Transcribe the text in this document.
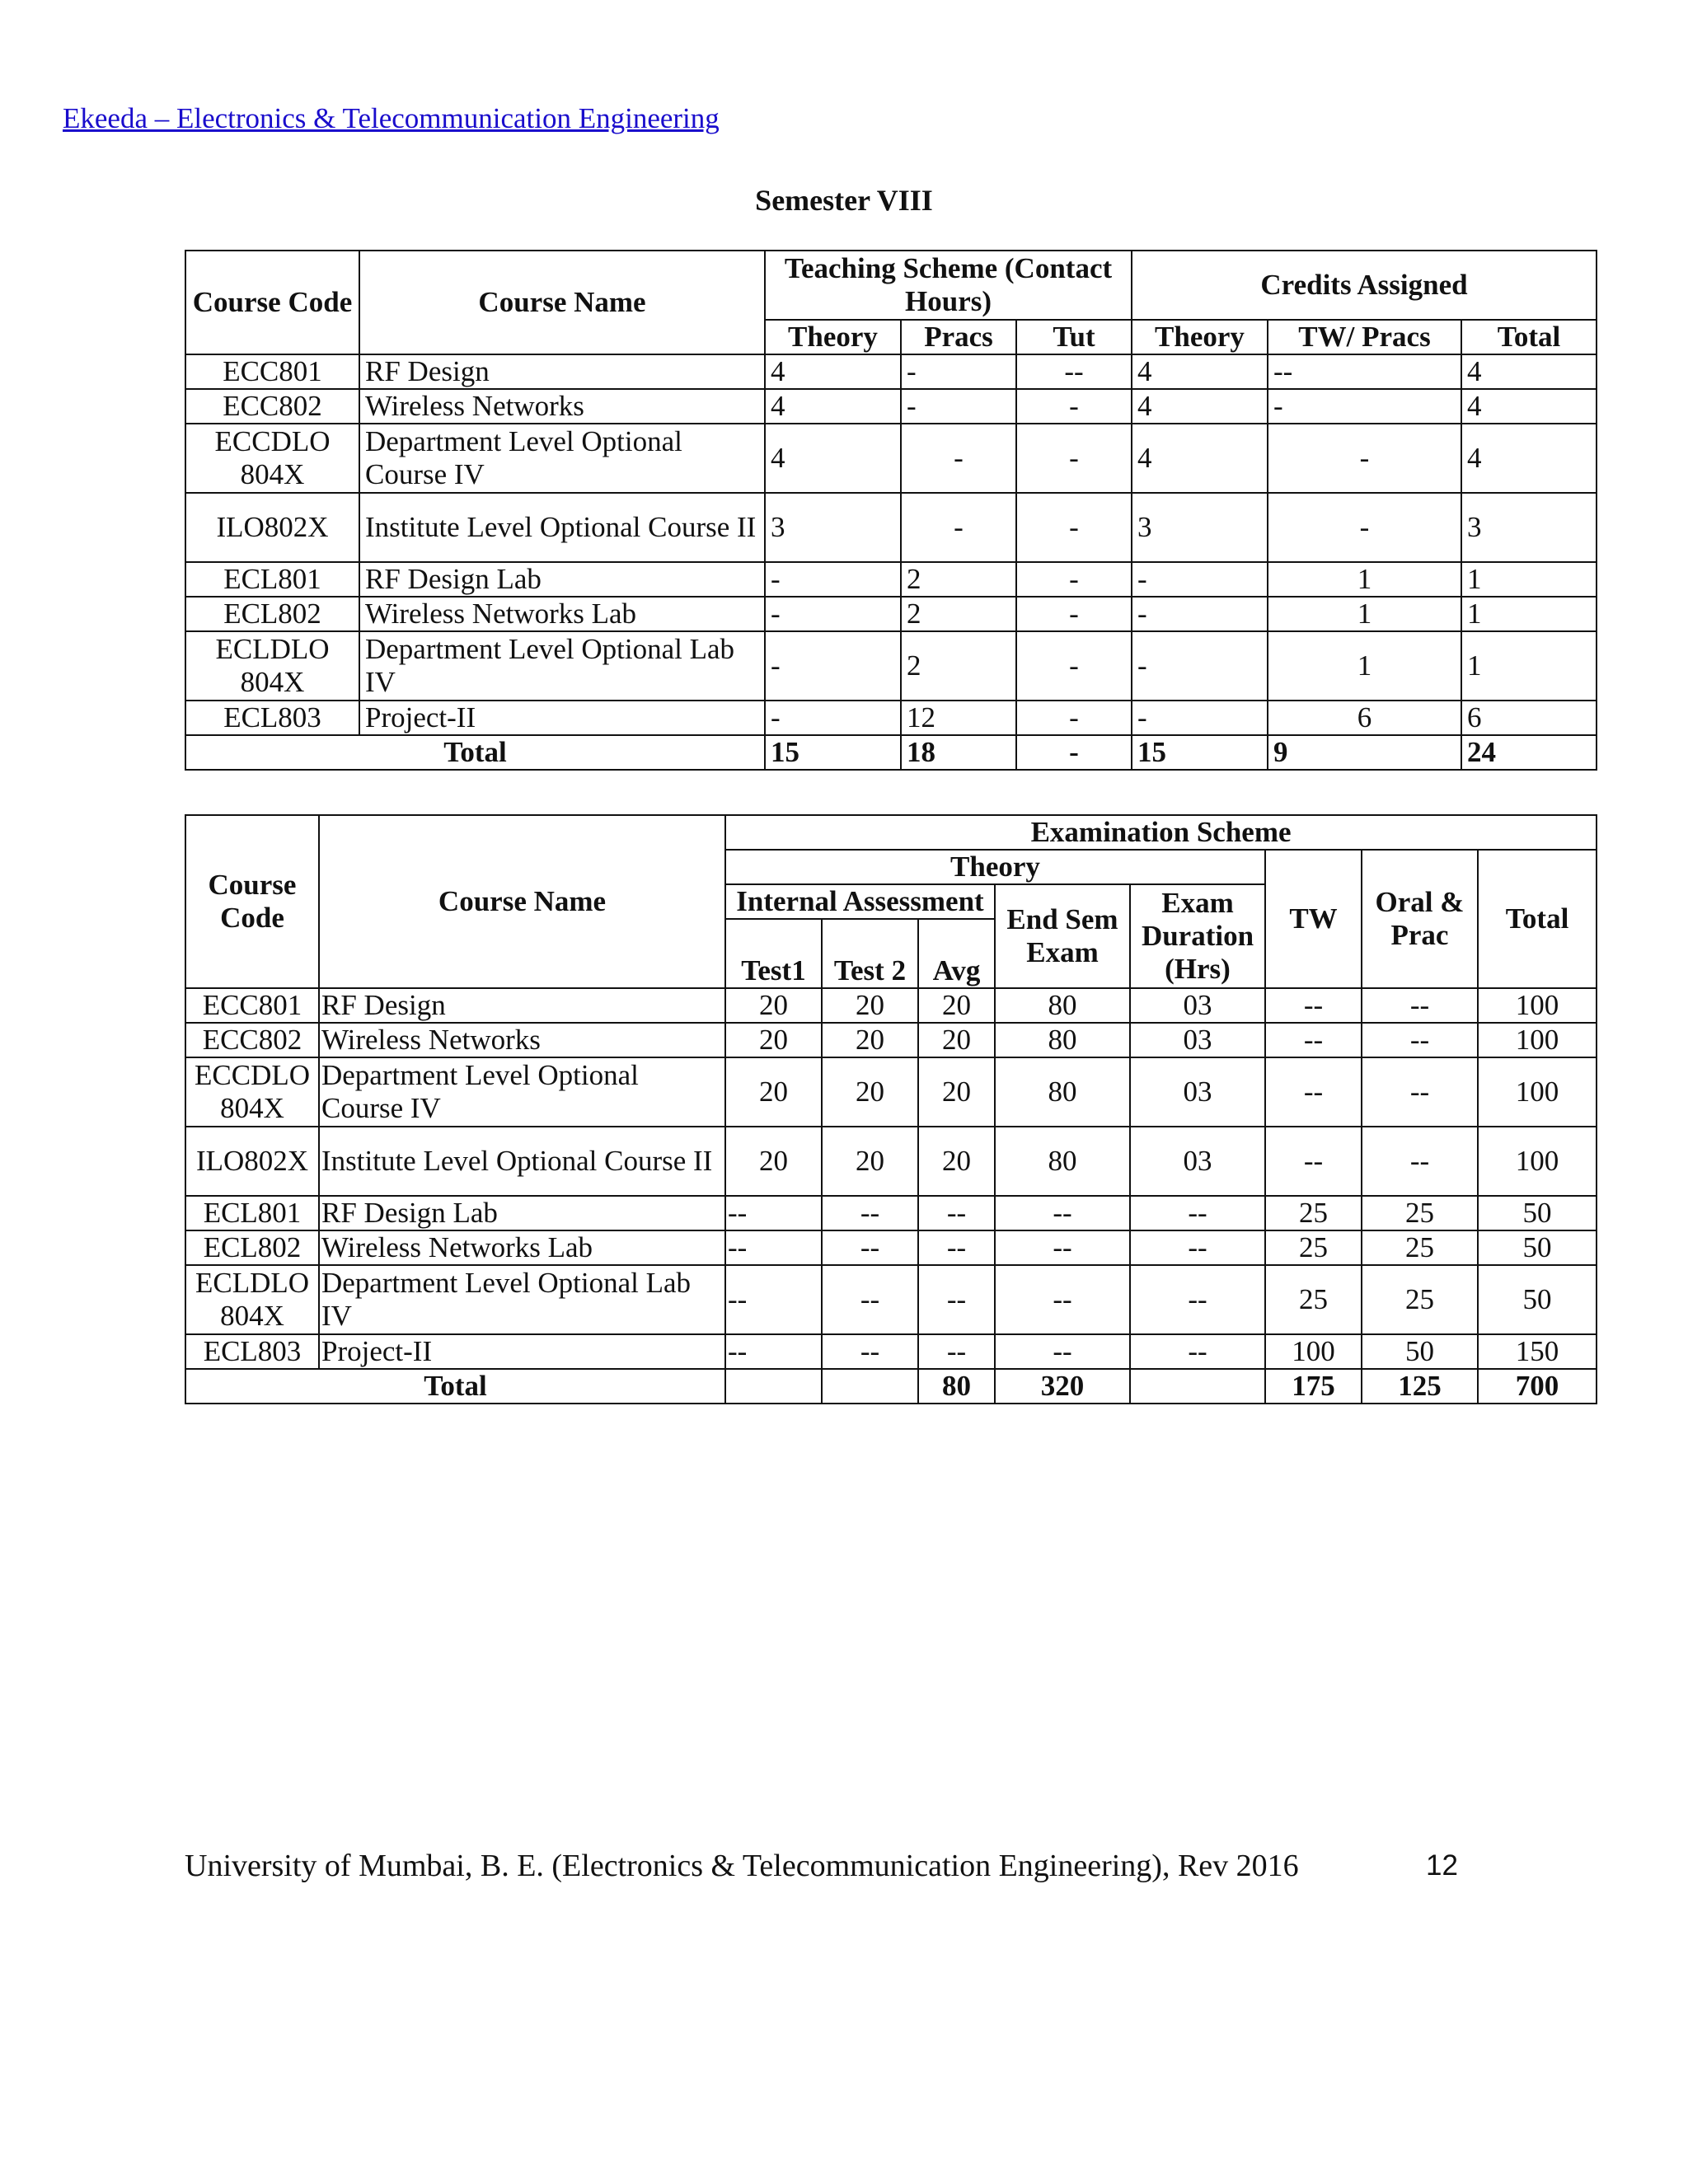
Ekeeda – Electronics & Telecommunication Engineering
Semester VIII
Course Code	Course Name	Teaching Scheme (Contact Hours)			Credits Assigned		
		Theory	Pracs	Tut	Theory	TW/ Pracs	Total
ECC801	RF Design	4	-	--	4	--	4
ECC802	Wireless Networks	4	-	-	4	-	4
ECCDLO 804X	Department Level Optional Course IV	4	-	-	4	-	4
ILO802X	Institute Level Optional Course II	3	-	-	3	-	3
ECL801	RF Design Lab	-	2	-	-	1	1
ECL802	Wireless Networks Lab	-	2	-	-	1	1
ECLDLO 804X	Department Level Optional Lab IV	-	2	-	-	1	1
ECL803	Project-II	-	12	-	-	6	6
Total		15	18	-	15	9	24
Course Code	Course Name	Examination Scheme							
		Theory					TW	Oral & Prac	Total
		Internal Assessment			End Sem Exam	Exam Duration (Hrs)			
		Test1	Test 2	Avg					
ECC801	RF Design	20	20	20	80	03	--	--	100
ECC802	Wireless Networks	20	20	20	80	03	--	--	100
ECCDLO 804X	Department Level Optional Course IV	20	20	20	80	03	--	--	100
ILO802X	Institute Level Optional Course II	20	20	20	80	03	--	--	100
ECL801	RF Design Lab	--	--	--	--	--	25	25	50
ECL802	Wireless Networks Lab	--	--	--	--	--	25	25	50
ECLDLO 804X	Department Level Optional Lab IV	--	--	--	--	--	25	25	50
ECL803	Project-II	--	--	--	--	--	100	50	150
Total				80	320		175	125	700
University of Mumbai, B. E. (Electronics & Telecommunication Engineering), Rev 2016	12
